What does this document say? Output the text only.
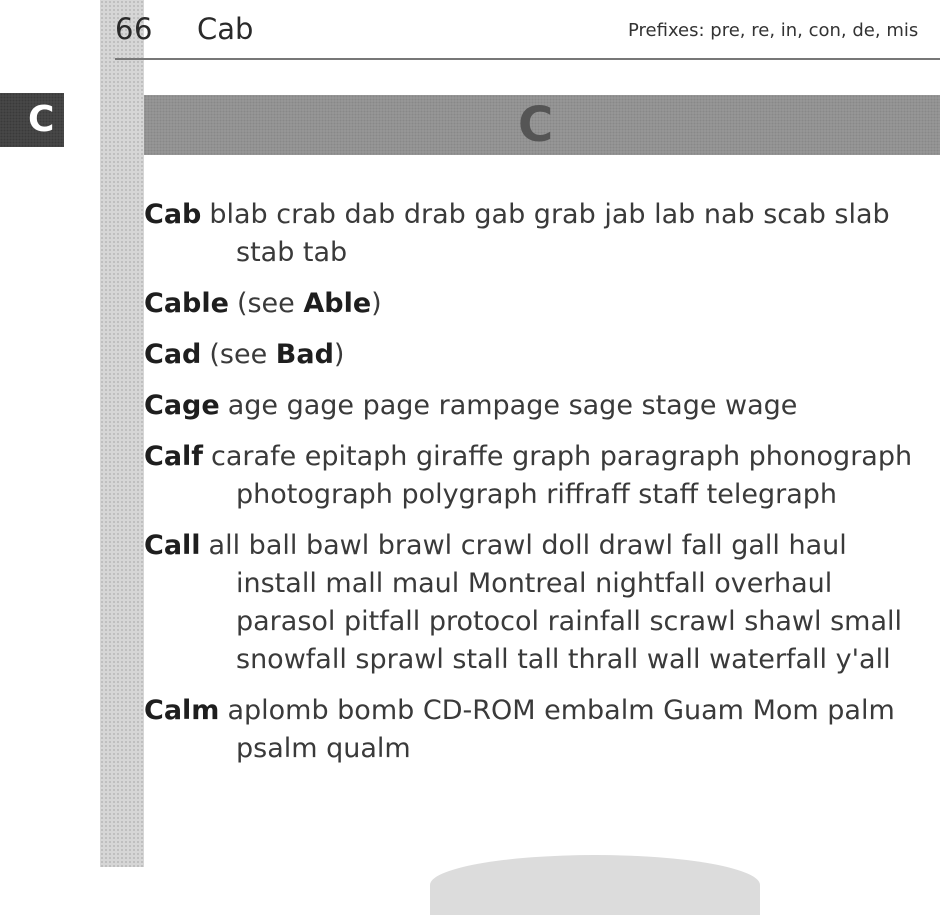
66 Cab	Prefixes: pre, re, in, con, de, mis
C	C
Cab blab crab dab drab gab grab jab lab nab scab slab stab tab
Cable (see Able)
Cad (see Bad)
Cage age gage page rampage sage stage wage
Calf carafe epitaph giraffe graph paragraph phonograph photograph polygraph riffraff staff telegraph
Call all ball bawl brawl crawl doll drawl fall gall haul install mall maul Montreal nightfall overhaul parasol pitfall protocol rainfall scrawl shawl small snowfall sprawl stall tall thrall wall waterfall y'all
Calm aplomb bomb CD-ROM embalm Guam Mom palm psalm qualm
